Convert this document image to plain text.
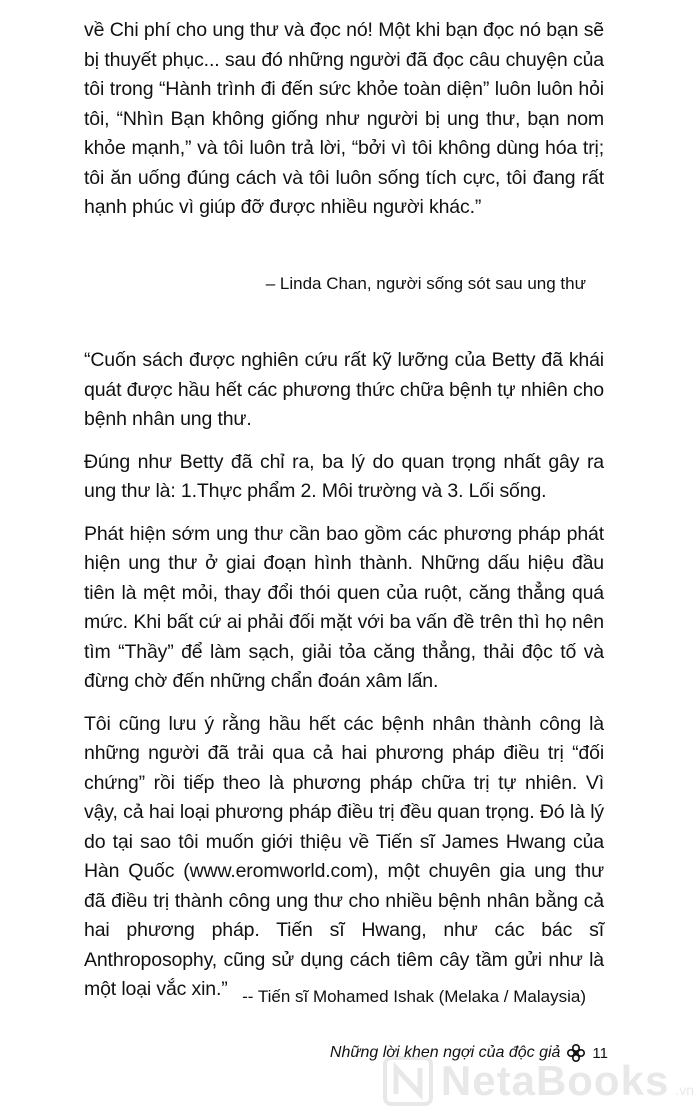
về Chi phí cho ung thư và đọc nó! Một khi bạn đọc nó bạn sẽ bị thuyết phục... sau đó những người đã đọc câu chuyện của tôi trong “Hành trình đi đến sức khỏe toàn diện” luôn luôn hỏi tôi, “Nhìn Bạn không giống như người bị ung thư, bạn nom khỏe mạnh,” và tôi luôn trả lời, “bởi vì tôi không dùng hóa trị; tôi ăn uống đúng cách và tôi luôn sống tích cực, tôi đang rất hạnh phúc vì giúp đỡ được nhiều người khác.”

– Linda Chan, người sống sót sau ung thư

“Cuốn sách được nghiên cứu rất kỹ lưỡng của Betty đã khái quát được hầu hết các phương thức chữa bệnh tự nhiên cho bệnh nhân ung thư.

Đúng như Betty đã chỉ ra, ba lý do quan trọng nhất gây ra ung thư là: 1.Thực phẩm 2. Môi trường và 3. Lối sống.

Phát hiện sớm ung thư cần bao gồm các phương pháp phát hiện ung thư ở giai đoạn hình thành. Những dấu hiệu đầu tiên là mệt mỏi, thay đổi thói quen của ruột, căng thẳng quá mức. Khi bất cứ ai phải đối mặt với ba vấn đề trên thì họ nên tìm “Thầy” để làm sạch, giải tỏa căng thẳng, thải độc tố và đừng chờ đến những chẩn đoán xâm lấn.

Tôi cũng lưu ý rằng hầu hết các bệnh nhân thành công là những người đã trải qua cả hai phương pháp điều trị “đối chứng” rồi tiếp theo là phương pháp chữa trị tự nhiên. Vì vậy, cả hai loại phương pháp điều trị đều quan trọng. Đó là lý do tại sao tôi muốn giới thiệu về Tiến sĩ James Hwang của Hàn Quốc (www.eromworld.com), một chuyên gia ung thư đã điều trị thành công ung thư cho nhiều bệnh nhân bằng cả hai phương pháp. Tiến sĩ Hwang, như các bác sĩ Anthroposophy, cũng sử dụng cách tiêm cây tầm gửi như là một loại vắc xin.” -- Tiến sĩ Mohamed Ishak (Melaka / Malaysia)
Những lời khen ngợi của độc giả 11
NetaBooks .vn
